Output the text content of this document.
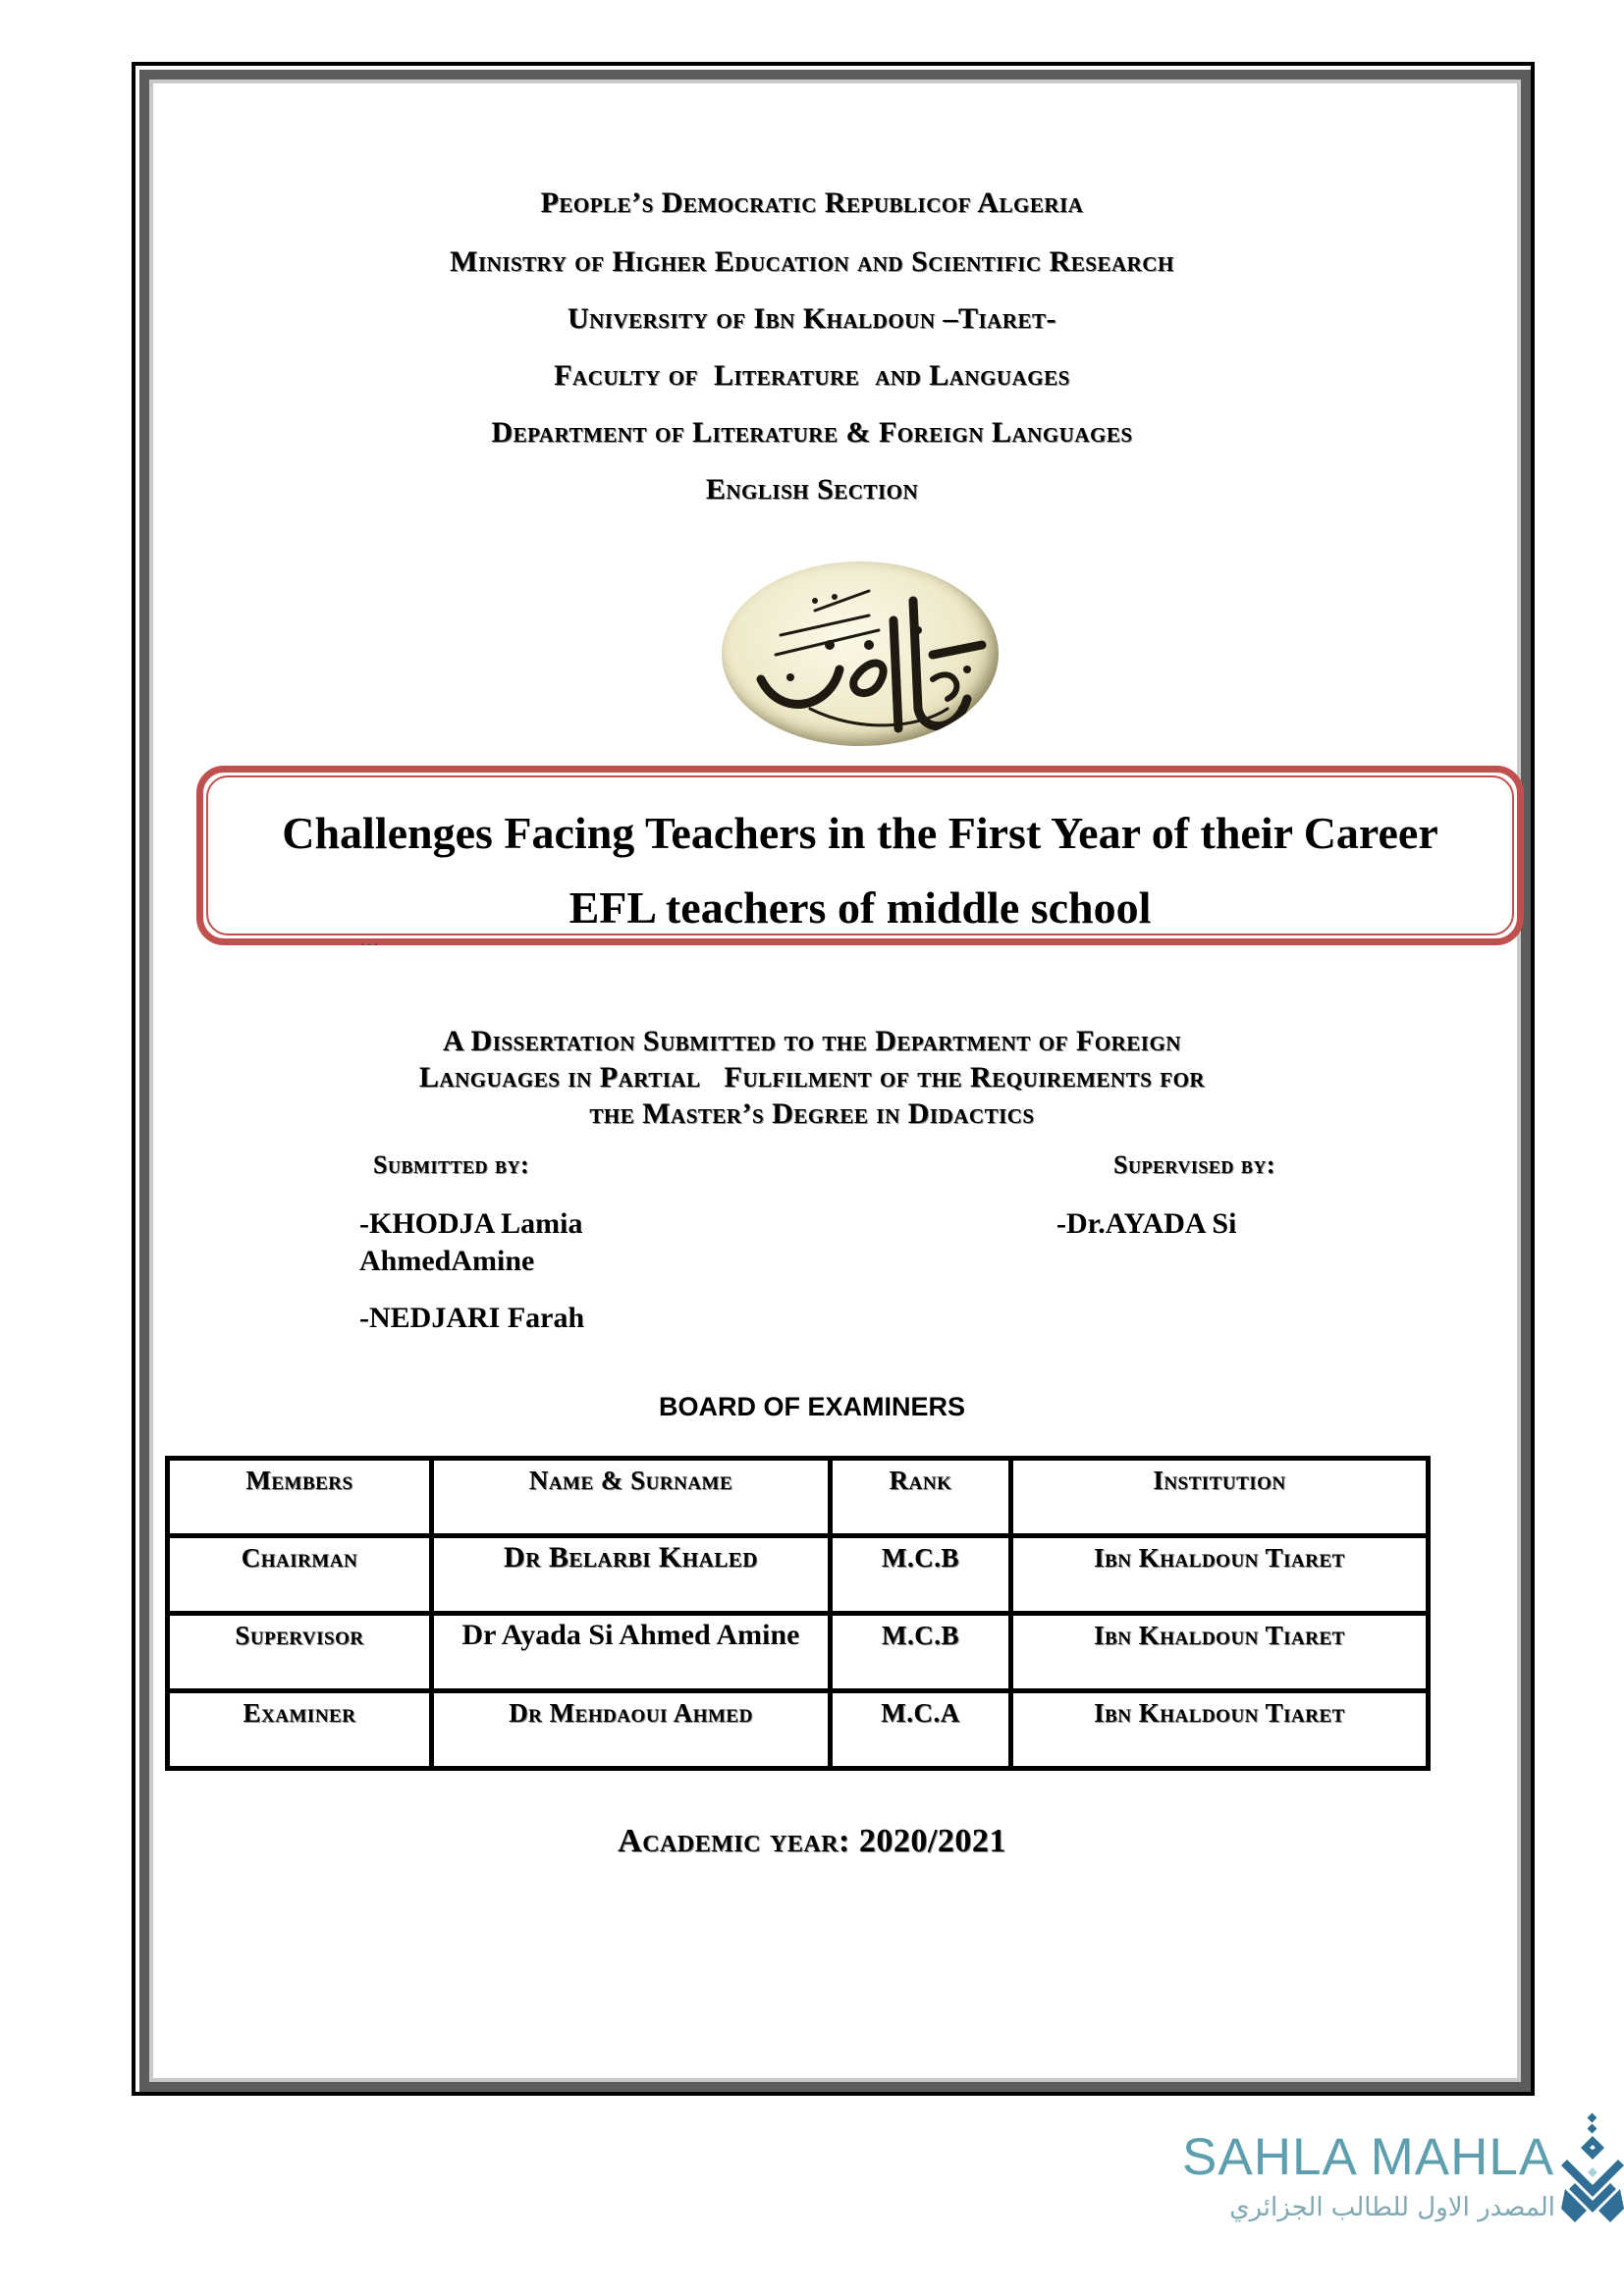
People’s Democratic Republicof Algeria
Ministry of Higher Education and Scientific Research
University of Ibn Khaldoun –Tiaret-
Faculty of  Literature  and Languages
Department of Literature & Foreign Languages
English Section
Challenges Facing Teachers in the First Year of their Career
EFL teachers of middle school
···
A Dissertation Submitted to the Department of Foreign
Languages in Partial   Fulfilment of the Requirements for
the Master’s Degree in Didactics
Submitted by:	Supervised by:
-KHODJA Lamia	-Dr.AYADA Si
AhmedAmine
-NEDJARI Farah
BOARD OF EXAMINERS
Members	Name & Surname	Rank	Institution
Chairman	Dr Belarbi Khaled	M.C.B	Ibn Khaldoun Tiaret
Supervisor	Dr Ayada Si Ahmed Amine	M.C.B	Ibn Khaldoun Tiaret
Examiner	Dr Mehdaoui Ahmed	M.C.A	Ibn Khaldoun Tiaret
Academic year: 2020/2021
SAHLA MAHLA
المصدر الاول للطالب الجزائري
